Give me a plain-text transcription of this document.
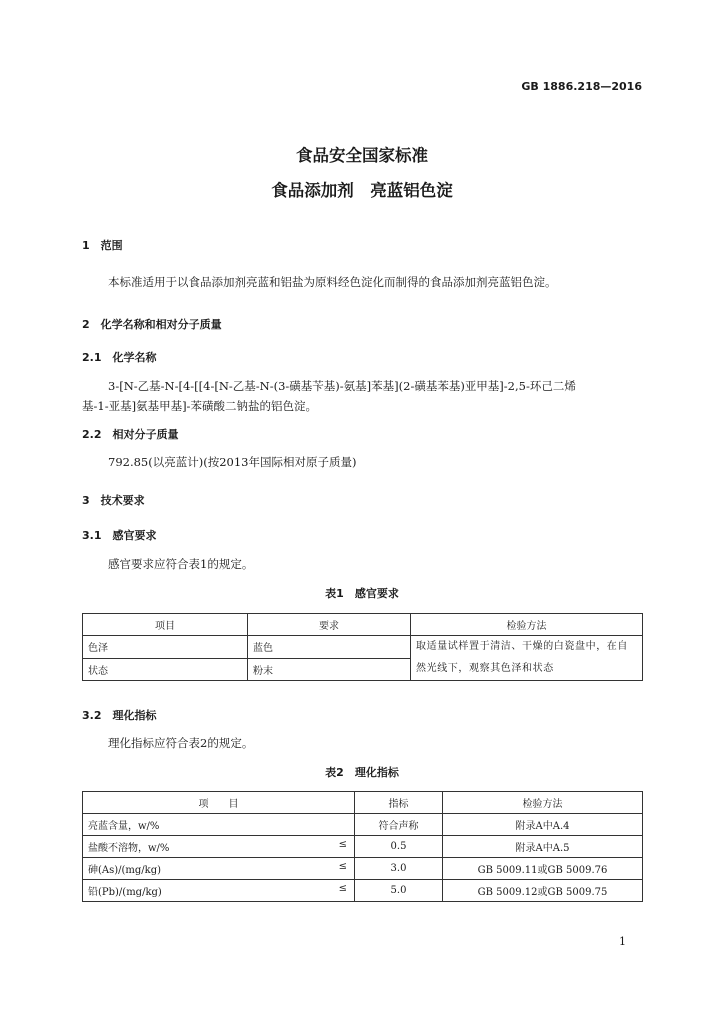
GB 1886.218—2016
食品安全国家标准
食品添加剂　亮蓝铝色淀
1　范围
本标准适用于以食品添加剂亮蓝和铝盐为原料经色淀化而制得的食品添加剂亮蓝铝色淀。
2　化学名称和相对分子质量
2.1　化学名称
3-[N-乙基-N-[4-[[4-[N-乙基-N-(3-磺基苄基)-氨基]苯基](2-磺基苯基)亚甲基]-2,5-环己二烯
基-1-亚基]氨基甲基]-苯磺酸二钠盐的铝色淀。
2.2　相对分子质量
792.85(以亮蓝计)(按2013年国际相对原子质量)
3　技术要求
3.1　感官要求
感官要求应符合表1的规定。
表1　感官要求
项目	要求	检验方法
色泽	蓝色	取适量试样置于清洁、干燥的白瓷盘中，在自
然光线下，观察其色泽和状态

状态	粉末	
3.2　理化指标
理化指标应符合表2的规定。
表2　理化指标
项　　目	指标	检验方法
亮蓝含量，w/%	符合声称	附录A中A.4
盐酸不溶物，w/% ≤	0.5	附录A中A.5
砷(As)/(mg/kg) ≤	3.0	GB 5009.11或GB 5009.76
铅(Pb)/(mg/kg) ≤	5.0	GB 5009.12或GB 5009.75
1
